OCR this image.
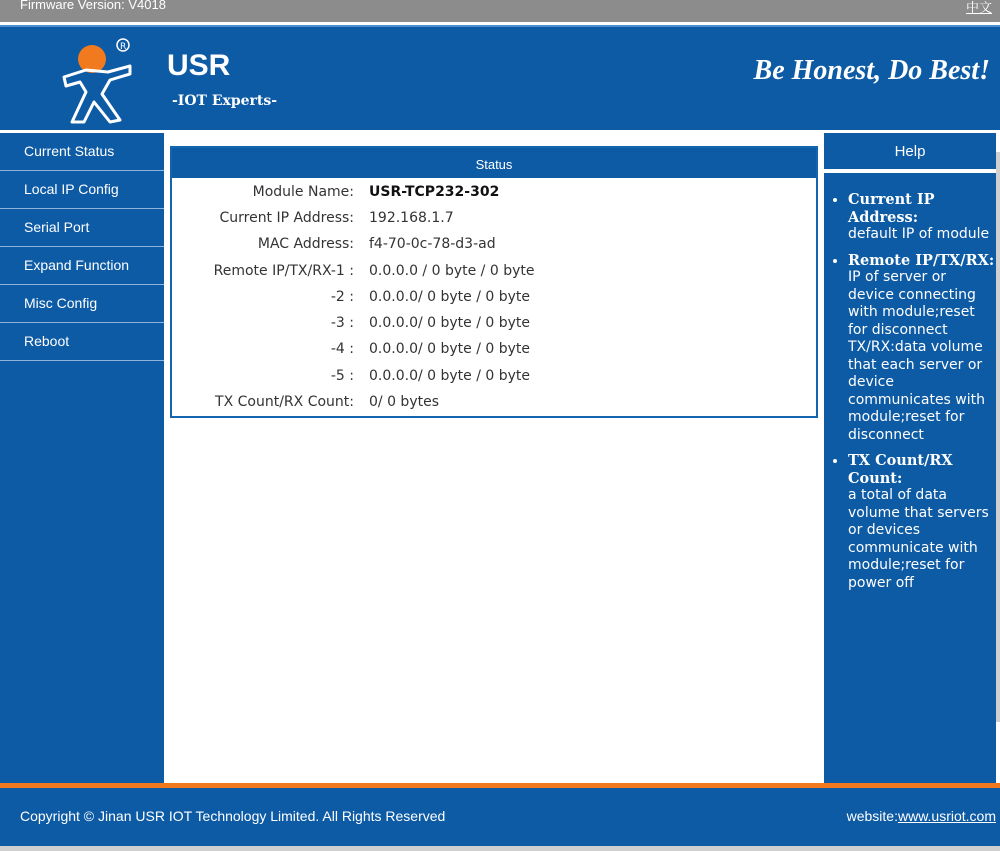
Firmware Version: V4018	中文
R
USR
-IOT Experts-
Be Honest, Do Best!
Current Status
Local IP Config
Serial Port
Expand Function
Misc Config
Reboot
Status
Module Name: USR-TCP232-302
Current IP Address: 192.168.1.7
MAC Address: f4-70-0c-78-d3-ad
Remote IP/TX/RX-1 : 0.0.0.0 / 0 byte / 0 byte
-2 : 0.0.0.0/ 0 byte / 0 byte
-3 : 0.0.0.0/ 0 byte / 0 byte
-4 : 0.0.0.0/ 0 byte / 0 byte
-5 : 0.0.0.0/ 0 byte / 0 byte
TX Count/RX Count: 0/ 0 bytes
Help
• Current IP Address:
default IP of module
• Remote IP/TX/RX:
IP of server or device connecting with module;reset for disconnect TX/RX:data volume that each server or device communicates with module;reset for disconnect
• TX Count/RX Count:
a total of data volume that servers or devices communicate with module;reset for power off
Copyright © Jinan USR IOT Technology Limited. All Rights Reserved	website:www.usriot.com
